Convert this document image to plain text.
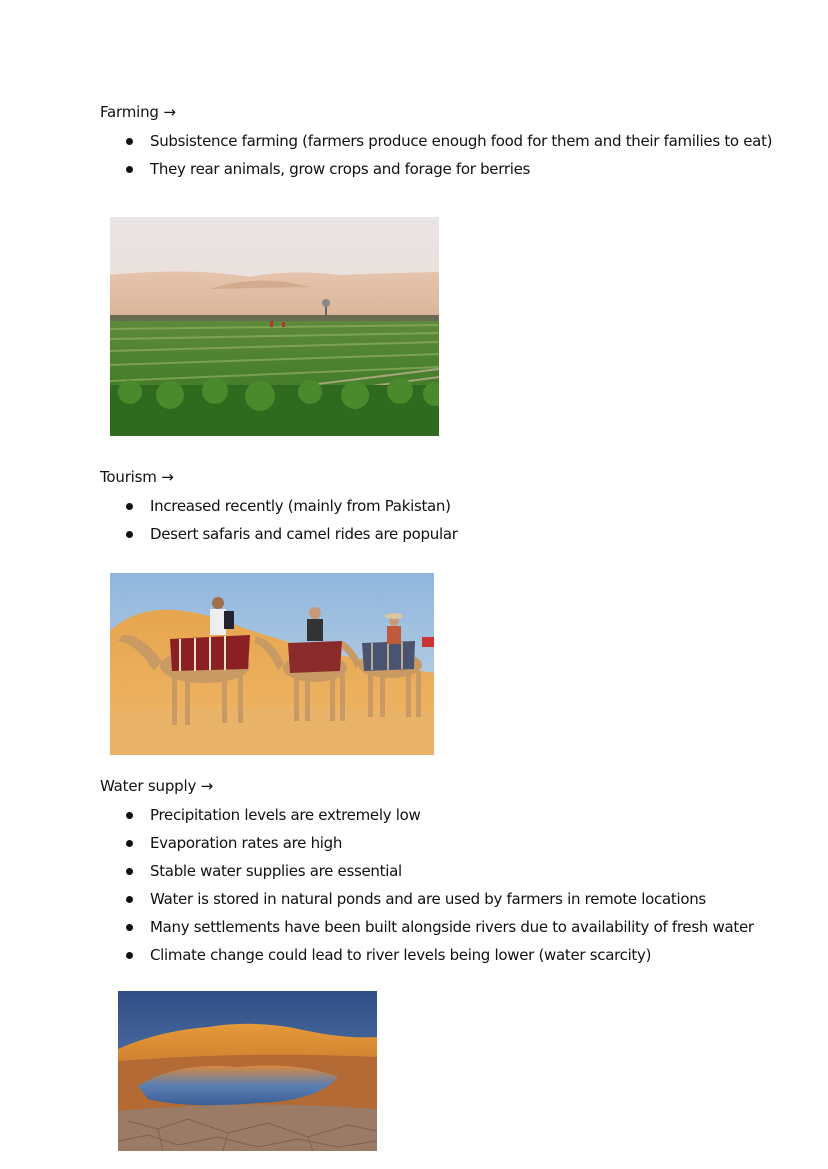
Farming →
Subsistence farming (farmers produce enough food for them and their families to eat)
They rear animals, grow crops and forage for berries
Tourism →
Increased recently (mainly from Pakistan)
Desert safaris and camel rides are popular
Water supply →
Precipitation levels are extremely low
Evaporation rates are high
Stable water supplies are essential
Water is stored in natural ponds and are used by farmers in remote locations
Many settlements have been built alongside rivers due to availability of fresh water
Climate change could lead to river levels being lower (water scarcity)
